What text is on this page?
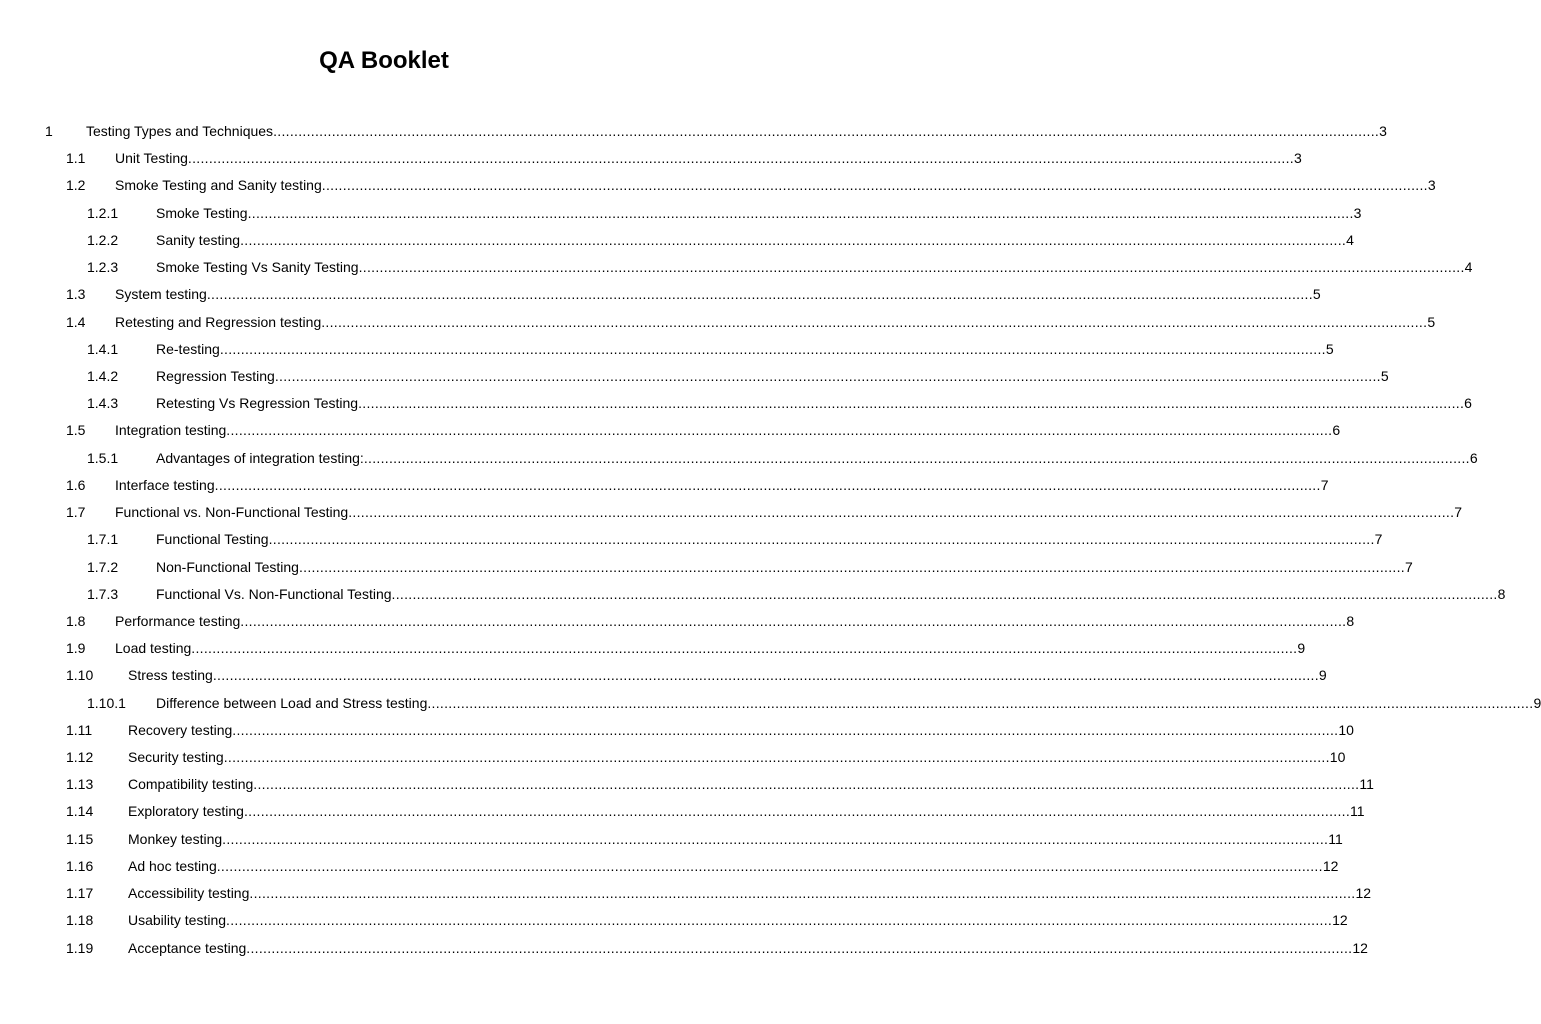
QA Booklet
1 Testing Types and Techniques ........................................................................................................................................................................................................................................................................ 3
1.1 Unit Testing ........................................................................................................................................................................................................................................................................ 3
1.2 Smoke Testing and Sanity testing ........................................................................................................................................................................................................................................................................ 3
1.2.1	Smoke Testing ........................................................................................................................................................................................................................................................................ 3
1.2.2	Sanity testing ........................................................................................................................................................................................................................................................................ 4
1.2.3	Smoke Testing Vs Sanity Testing ........................................................................................................................................................................................................................................................................ 4
1.3 System testing ........................................................................................................................................................................................................................................................................ 5
1.4 Retesting and Regression testing ........................................................................................................................................................................................................................................................................ 5
1.4.1	Re-testing ........................................................................................................................................................................................................................................................................ 5
1.4.2	Regression Testing ........................................................................................................................................................................................................................................................................ 5
1.4.3	Retesting Vs Regression Testing ........................................................................................................................................................................................................................................................................ 6
1.5 Integration testing ........................................................................................................................................................................................................................................................................ 6
1.5.1	Advantages of integration testing: ........................................................................................................................................................................................................................................................................ 6
1.6 Interface testing ........................................................................................................................................................................................................................................................................ 7
1.7 Functional vs. Non-Functional Testing ........................................................................................................................................................................................................................................................................ 7
1.7.1	Functional Testing ........................................................................................................................................................................................................................................................................ 7
1.7.2	Non-Functional Testing ........................................................................................................................................................................................................................................................................ 7
1.7.3	Functional Vs. Non-Functional Testing ........................................................................................................................................................................................................................................................................ 8
1.8 Performance testing ........................................................................................................................................................................................................................................................................ 8
1.9 Load testing ........................................................................................................................................................................................................................................................................ 9
1.10 Stress testing ........................................................................................................................................................................................................................................................................ 9
1.10.1 Difference between Load and Stress testing ........................................................................................................................................................................................................................................................................ 9
1.11	Recovery testing ........................................................................................................................................................................................................................................................................ 10
1.12 Security testing ........................................................................................................................................................................................................................................................................ 10
1.13 Compatibility testing ........................................................................................................................................................................................................................................................................ 11
1.14 Exploratory testing ........................................................................................................................................................................................................................................................................ 11
1.15 Monkey testing ........................................................................................................................................................................................................................................................................ 11
1.16 Ad hoc testing ........................................................................................................................................................................................................................................................................ 12
1.17 Accessibility testing ........................................................................................................................................................................................................................................................................ 12
1.18 Usability testing ........................................................................................................................................................................................................................................................................ 12
1.19 Acceptance testing ........................................................................................................................................................................................................................................................................ 12
